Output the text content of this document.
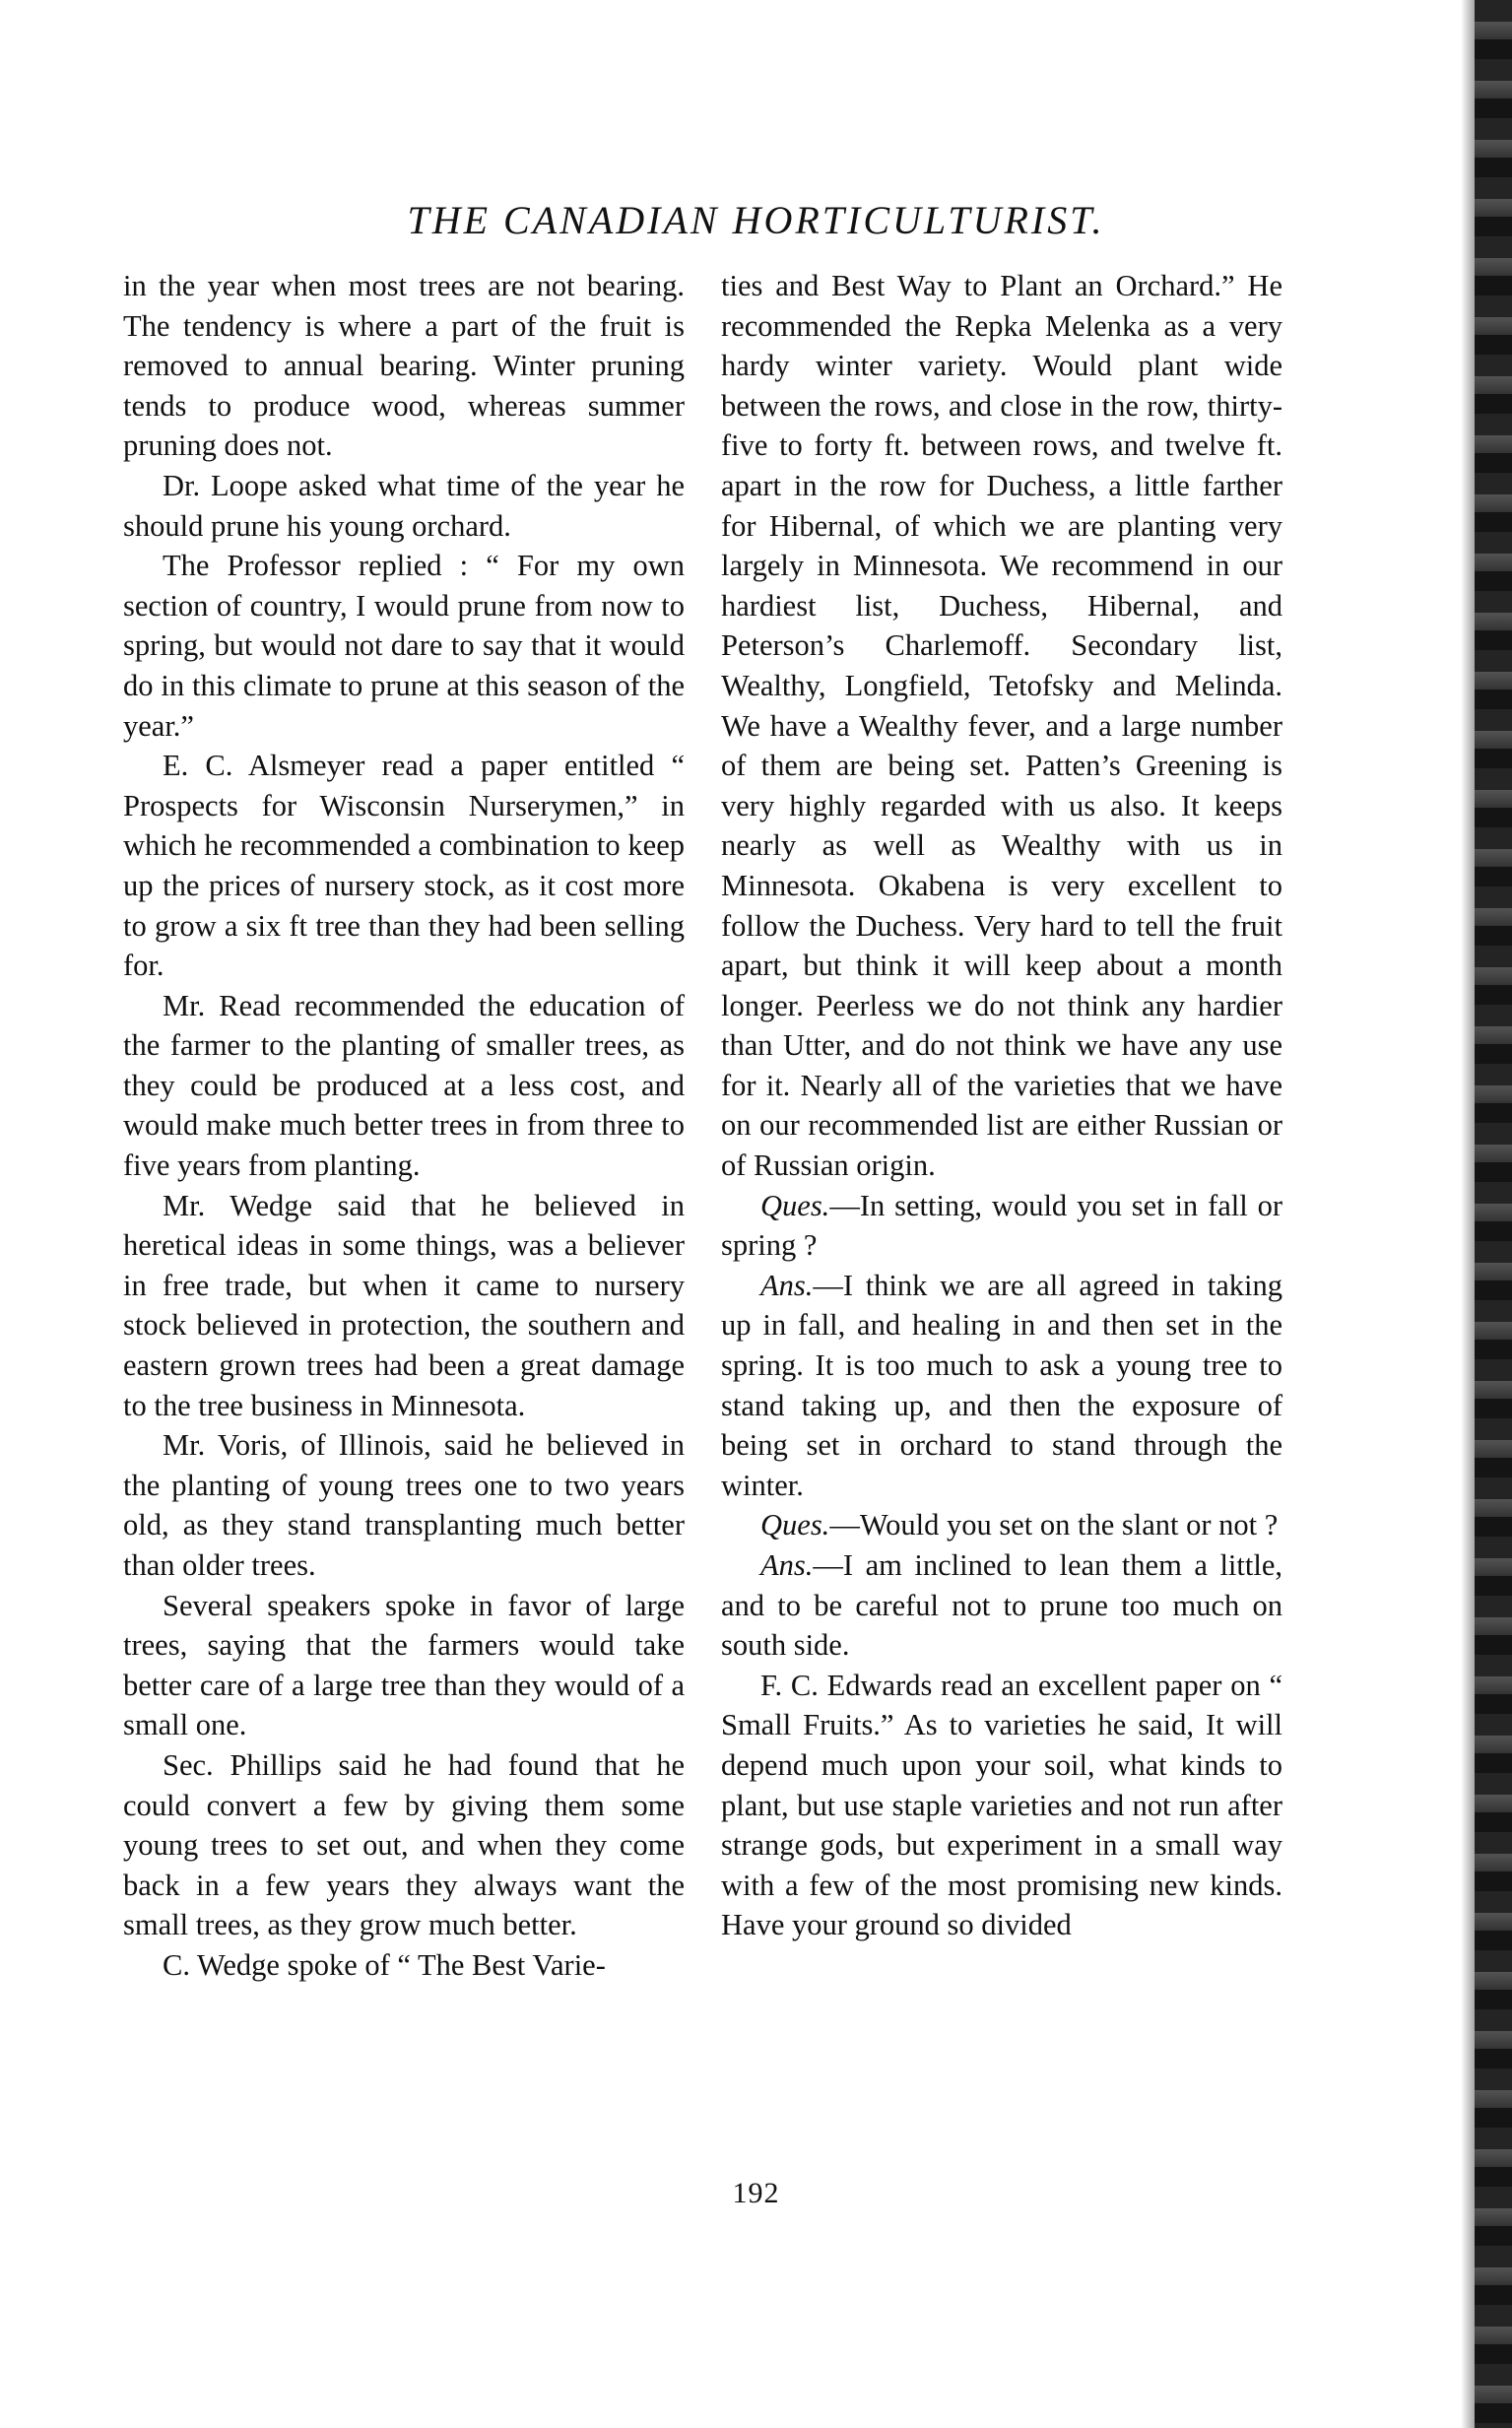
THE CANADIAN HORTICULTURIST.

in the year when most trees are not bearing. The tendency is where a part of the fruit is removed to annual bearing. Winter pruning tends to produce wood, whereas summer pruning does not.

Dr. Loope asked what time of the year he should prune his young orchard.

The Professor replied : “ For my own section of country, I would prune from now to spring, but would not dare to say that it would do in this climate to prune at this season of the year.”

E. C. Alsmeyer read a paper entitled “ Prospects for Wisconsin Nurserymen,” in which he recommended a combination to keep up the prices of nursery stock, as it cost more to grow a six ft tree than they had been selling for.

Mr. Read recommended the education of the farmer to the planting of smaller trees, as they could be produced at a less cost, and would make much better trees in from three to five years from planting.

Mr. Wedge said that he believed in heretical ideas in some things, was a believer in free trade, but when it came to nursery stock believed in protection, the southern and eastern grown trees had been a great damage to the tree business in Minnesota.

Mr. Voris, of Illinois, said he believed in the planting of young trees one to two years old, as they stand transplanting much better than older trees.

Several speakers spoke in favor of large trees, saying that the farmers would take better care of a large tree than they would of a small one.

Sec. Phillips said he had found that he could convert a few by giving them some young trees to set out, and when they come back in a few years they always want the small trees, as they grow much better.

C. Wedge spoke of “ The Best Varie-

ties and Best Way to Plant an Orchard.” He recommended the Repka Melenka as a very hardy winter variety. Would plant wide between the rows, and close in the row, thirty-five to forty ft. between rows, and twelve ft. apart in the row for Duchess, a little farther for Hibernal, of which we are planting very largely in Minnesota. We recommend in our hardiest list, Duchess, Hibernal, and Peterson’s Charlemoff. Secondary list, Wealthy, Longfield, Tetofsky and Melinda. We have a Wealthy fever, and a large number of them are being set. Patten’s Greening is very highly regarded with us also. It keeps nearly as well as Wealthy with us in Minnesota. Okabena is very excellent to follow the Duchess. Very hard to tell the fruit apart, but think it will keep about a month longer. Peerless we do not think any hardier than Utter, and do not think we have any use for it. Nearly all of the varieties that we have on our recommended list are either Russian or of Russian origin.

Ques.—In setting, would you set in fall or spring ?

Ans.—I think we are all agreed in taking up in fall, and healing in and then set in the spring. It is too much to ask a young tree to stand taking up, and then the exposure of being set in orchard to stand through the winter.

Ques.—Would you set on the slant or not ?

Ans.—I am inclined to lean them a little, and to be careful not to prune too much on south side.

F. C. Edwards read an excellent paper on “ Small Fruits.” As to varieties he said, It will depend much upon your soil, what kinds to plant, but use staple varieties and not run after strange gods, but experiment in a small way with a few of the most promising new kinds. Have your ground so divided

192
